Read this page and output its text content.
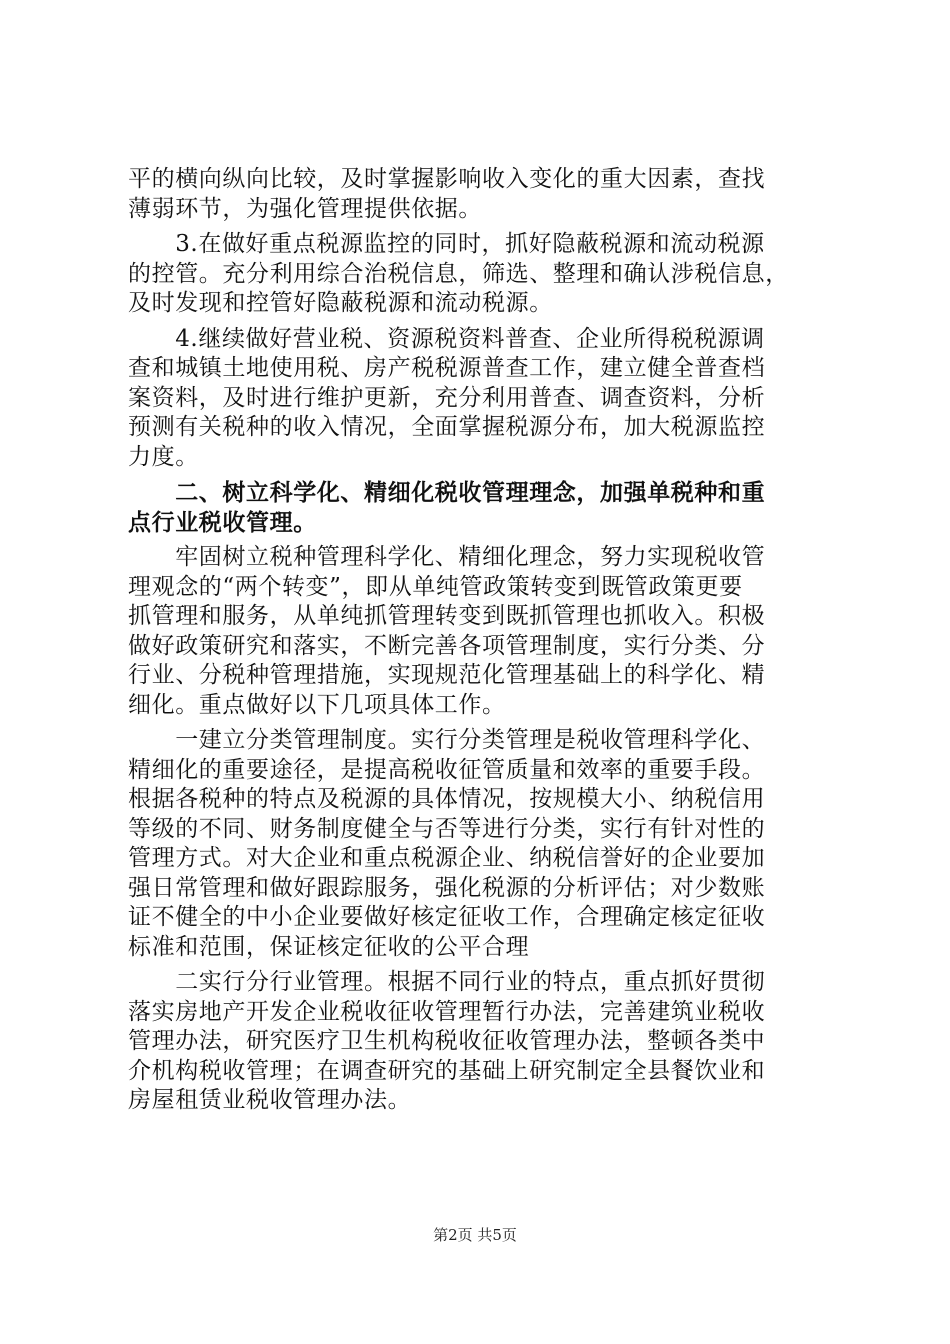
平的横向纵向比较，及时掌握影响收入变化的重大因素，查找
薄弱环节，为强化管理提供依据。
　　3.在做好重点税源监控的同时，抓好隐蔽税源和流动税源
的控管。充分利用综合治税信息，筛选、整理和确认涉税信息，
及时发现和控管好隐蔽税源和流动税源。
　　4.继续做好营业税、资源税资料普查、企业所得税税源调
查和城镇土地使用税、房产税税源普查工作，建立健全普查档
案资料，及时进行维护更新，充分利用普查、调查资料，分析
预测有关税种的收入情况，全面掌握税源分布，加大税源监控
力度。
　　二、树立科学化、精细化税收管理理念，加强单税种和重
点行业税收管理。
　　牢固树立税种管理科学化、精细化理念，努力实现税收管
理观念的“两个转变”，即从单纯管政策转变到既管政策更要
抓管理和服务，从单纯抓管理转变到既抓管理也抓收入。积极
做好政策研究和落实，不断完善各项管理制度，实行分类、分
行业、分税种管理措施，实现规范化管理基础上的科学化、精
细化。重点做好以下几项具体工作。
　　一建立分类管理制度。实行分类管理是税收管理科学化、
精细化的重要途径，是提高税收征管质量和效率的重要手段。
根据各税种的特点及税源的具体情况，按规模大小、纳税信用
等级的不同、财务制度健全与否等进行分类，实行有针对性的
管理方式。对大企业和重点税源企业、纳税信誉好的企业要加
强日常管理和做好跟踪服务，强化税源的分析评估；对少数账
证不健全的中小企业要做好核定征收工作，合理确定核定征收
标准和范围，保证核定征收的公平合理
　　二实行分行业管理。根据不同行业的特点，重点抓好贯彻
落实房地产开发企业税收征收管理暂行办法，完善建筑业税收
管理办法，研究医疗卫生机构税收征收管理办法，整顿各类中
介机构税收管理；在调查研究的基础上研究制定全县餐饮业和
房屋租赁业税收管理办法。
第2页 共5页
